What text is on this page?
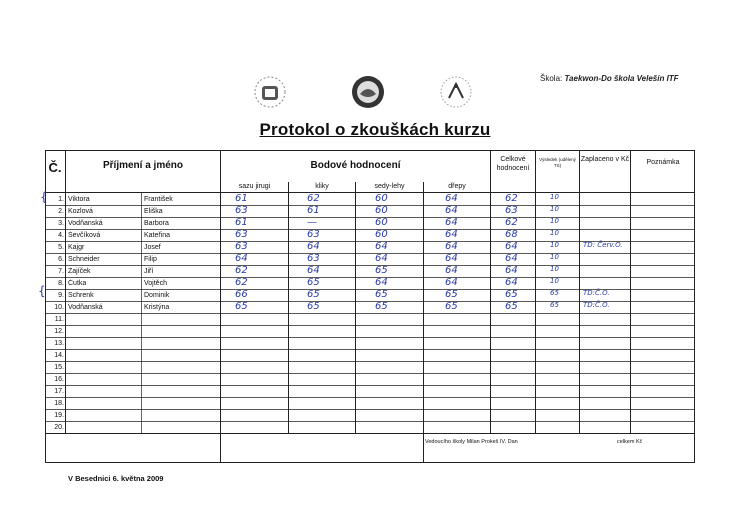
Škola: Taekwon-Do škola Velešín ITF
Protokol o zkouškách kurzu
Č.	Příjmení a jméno	Bodové hodnocení
sazu jirugi	kliky	sedy-lehy	dřepy
Celkové hodnocení
Výsledek (udělený TS)
Zaplaceno v Kč	Poznámka
1. Viktora	František	61	62	60	64	62	10
2. Kozlová	Eliška	63	61	60	64	63	10
3. Vodňanská	Barbora	61	—	60	64	62	10
4. Ševčíková	Kateřina	63	63	60	64	68	10
5. Kajgr	Josef	63	64	64	64	64	10	TD: Červ.O.
6. Schneider	Filip	64	63	64	64	64	10
7. Zajíček	Jiří	62	64	65	64	64	10
8. Čutka	Vojtěch	62	65	64	64	64	10
9. Schrenk	Dominik	66	65	65	65	65	65	TD:Č.O.
10. Vodňanská	Kristýna	65	65	65	65	65	65	TD:Č.O.
11.
12.
13.
14.
15.
16.
17.
18.
19.
20.
Vedoucího školy Milan Prokeš IV. Dan	celkem Kč
{
{
V Besednici 6. května 2009
